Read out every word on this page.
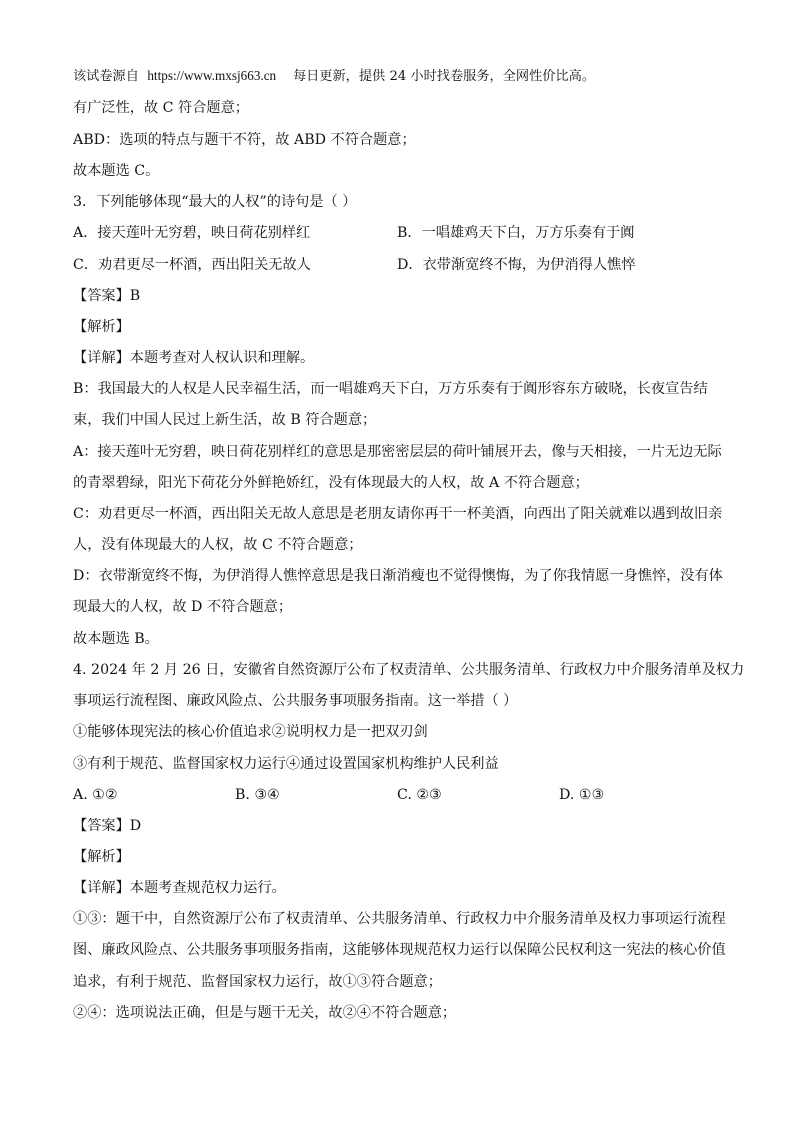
该试卷源自 https://www.mxsj663.cn 每日更新，提供 24 小时找卷服务，全网性价比高。
有广泛性，故 C 符合题意；
ABD：选项的特点与题干不符，故 ABD 不符合题意；
故本题选 C。
3．下列能够体现“最大的人权”的诗句是（ ）
A．接天莲叶无穷碧，映日荷花别样红	B．一唱雄鸡天下白，万方乐奏有于阗
C．劝君更尽一杯酒，西出阳关无故人	D．衣带渐宽终不悔，为伊消得人憔悴
【答案】B
【解析】
【详解】本题考查对人权认识和理解。
B：我国最大的人权是人民幸福生活，而一唱雄鸡天下白，万方乐奏有于阗形容东方破晓，长夜宣告结
束，我们中国人民过上新生活，故 B 符合题意；
A：接天莲叶无穷碧，映日荷花别样红的意思是那密密层层的荷叶铺展开去，像与天相接，一片无边无际
的青翠碧绿，阳光下荷花分外鲜艳娇红，没有体现最大的人权，故 A 不符合题意；
C：劝君更尽一杯酒，西出阳关无故人意思是老朋友请你再干一杯美酒，向西出了阳关就难以遇到故旧亲
人，没有体现最大的人权，故 C 不符合题意；
D：衣带渐宽终不悔，为伊消得人憔悴意思是我日渐消瘦也不觉得懊悔，为了你我情愿一身憔悴，没有体
现最大的人权，故 D 不符合题意；
故本题选 B。
4. 2024 年 2 月 26 日，安徽省自然资源厅公布了权责清单、公共服务清单、行政权力中介服务清单及权力
事项运行流程图、廉政风险点、公共服务事项服务指南。这一举措（ ）
①能够体现宪法的核心价值追求②说明权力是一把双刃剑
③有利于规范、监督国家权力运行④通过设置国家机构维护人民利益
A. ①②	B. ③④	C. ②③	D. ①③
【答案】D
【解析】
【详解】本题考查规范权力运行。
①③：题干中，自然资源厅公布了权责清单、公共服务清单、行政权力中介服务清单及权力事项运行流程
图、廉政风险点、公共服务事项服务指南，这能够体现规范权力运行以保障公民权利这一宪法的核心价值
追求，有利于规范、监督国家权力运行，故①③符合题意；
②④：选项说法正确，但是与题干无关，故②④不符合题意；
